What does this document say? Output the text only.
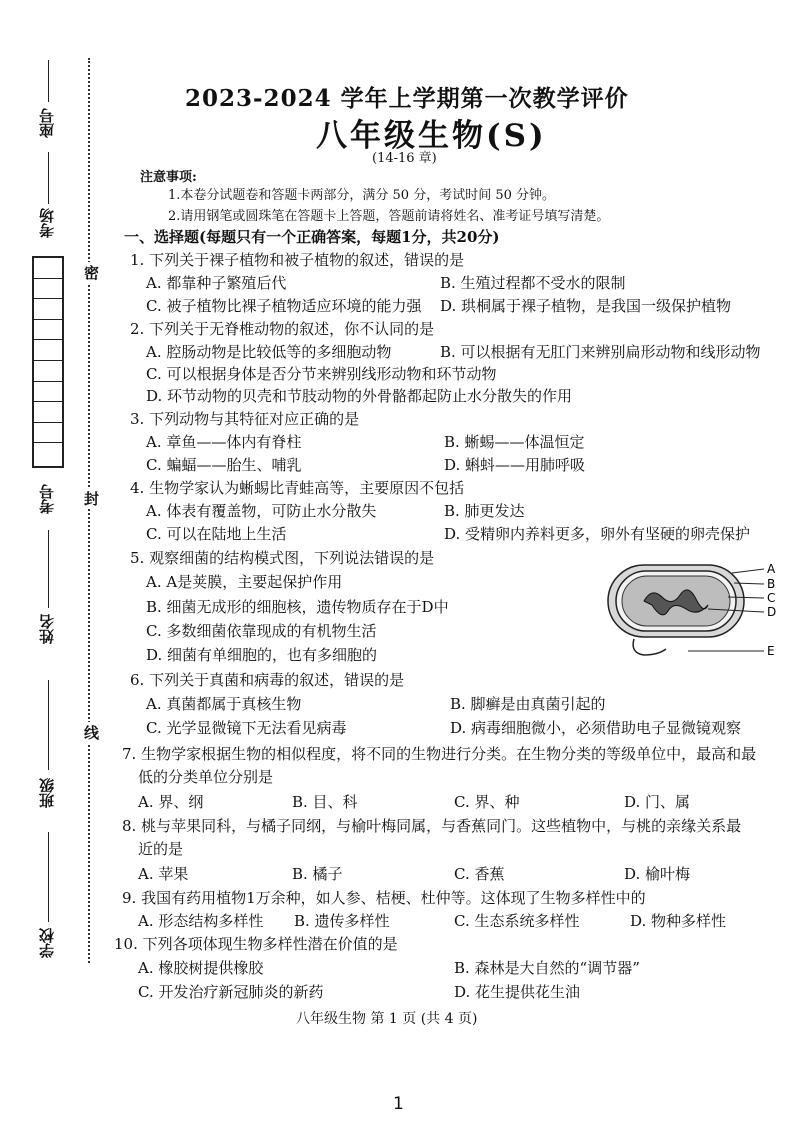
座号
考场
考号
姓名
班级
学校
密
封
线
2023-2024 学年上学期第一次教学评价
八年级生物(S)
(14-16 章)
注意事项:
1.本卷分试题卷和答题卡两部分，满分 50 分，考试时间 50 分钟。
2.请用钢笔或圆珠笔在答题卡上答题，答题前请将姓名、准考证号填写清楚。
一、选择题(每题只有一个正确答案，每题1分，共20分)
1. 下列关于裸子植物和被子植物的叙述，错误的是
A. 都靠种子繁殖后代	B. 生殖过程都不受水的限制
C. 被子植物比裸子植物适应环境的能力强 D. 珙桐属于裸子植物，是我国一级保护植物
2. 下列关于无脊椎动物的叙述，你不认同的是
A. 腔肠动物是比较低等的多细胞动物	B. 可以根据有无肛门来辨别扁形动物和线形动物
C. 可以根据身体是否分节来辨别线形动物和环节动物
D. 环节动物的贝壳和节肢动物的外骨骼都起防止水分散失的作用
3. 下列动物与其特征对应正确的是
A. 章鱼——体内有脊柱	B. 蜥蜴——体温恒定
C. 蝙蝠——胎生、哺乳	D. 蝌蚪——用肺呼吸
4. 生物学家认为蜥蜴比青蛙高等，主要原因不包括
A. 体表有覆盖物，可防止水分散失	B. 肺更发达
C. 可以在陆地上生活	D. 受精卵内养料更多，卵外有坚硬的卵壳保护
5. 观察细菌的结构模式图，下列说法错误的是
A. A是荚膜，主要起保护作用
B. 细菌无成形的细胞核，遗传物质存在于D中
C. 多数细菌依靠现成的有机物生活
D. 细菌有单细胞的，也有多细胞的
A
B
C
D
E
6. 下列关于真菌和病毒的叙述，错误的是
A. 真菌都属于真核生物	B. 脚癣是由真菌引起的
C. 光学显微镜下无法看见病毒	D. 病毒细胞微小，必须借助电子显微镜观察
7. 生物学家根据生物的相似程度，将不同的生物进行分类。在生物分类的等级单位中，最高和最
低的分类单位分别是
A. 界、纲	B. 目、科	C. 界、种	D. 门、属
8. 桃与苹果同科，与橘子同纲，与榆叶梅同属，与香蕉同门。这些植物中，与桃的亲缘关系最
近的是
A. 苹果	B. 橘子	C. 香蕉	D. 榆叶梅
9. 我国有药用植物1万余种，如人参、桔梗、杜仲等。这体现了生物多样性中的
A. 形态结构多样性 B. 遗传多样性	C. 生态系统多样性	D. 物种多样性
10. 下列各项体现生物多样性潜在价值的是
A. 橡胶树提供橡胶	B. 森林是大自然的“调节器”
C. 开发治疗新冠肺炎的新药	D. 花生提供花生油
八年级生物 第 1 页 (共 4 页)
1
